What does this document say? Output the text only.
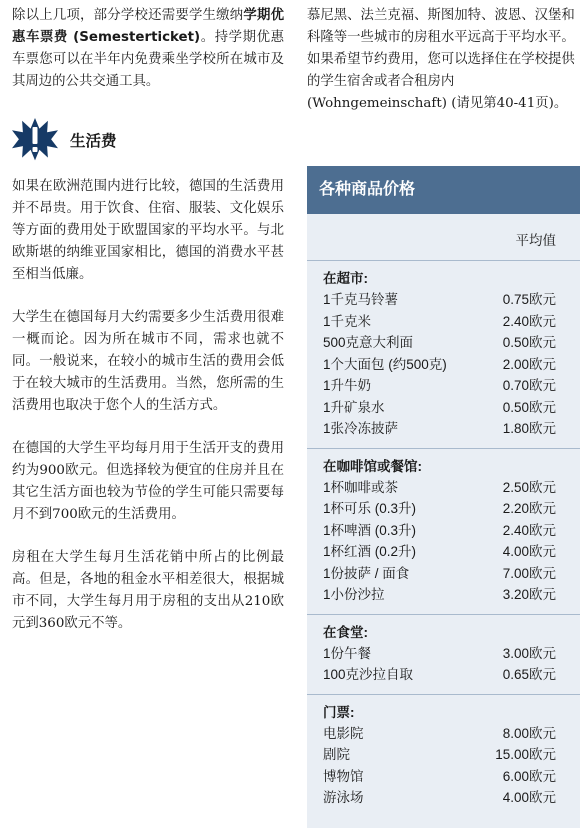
除以上几项，部分学校还需要学生缴纳学期优惠车票费 (Semesterticket)。持学期优惠车票您可以在半年内免费乘坐学校所在城市及其周边的公共交通工具。

生活费

如果在欧洲范围内进行比较，德国的生活费用并不昂贵。用于饮食、住宿、服装、文化娱乐等方面的费用处于欧盟国家的平均水平。与北欧斯堪的纳维亚国家相比，德国的消费水平甚至相当低廉。

大学生在德国每月大约需要多少生活费用很难一概而论。因为所在城市不同，需求也就不同。一般说来，在较小的城市生活的费用会低于在较大城市的生活费用。当然，您所需的生活费用也取决于您个人的生活方式。

在德国的大学生平均每月用于生活开支的费用约为900欧元。但选择较为便宜的住房并且在其它生活方面也较为节俭的学生可能只需要每月不到700欧元的生活费用。

房租在大学生每月生活花销中所占的比例最高。但是，各地的租金水平相差很大，根据城市不同，大学生每月用于房租的支出从210欧元到360欧元不等。

慕尼黑、法兰克福、斯图加特、波恩、汉堡和科隆等一些城市的房租水平远高于平均水平。

如果希望节约费用，您可以选择住在学校提供的学生宿舍或者合租房内 (Wohngemeinschaft) (请见第40-41页)。

各种商品价格
平均值
在超市:
1千克马铃薯	0.75欧元
1千克米	2.40欧元
500克意大利面	0.50欧元
1个大面包 (约500克)	2.00欧元
1升牛奶	0.70欧元
1升矿泉水	0.50欧元
1张冷冻披萨	1.80欧元
在咖啡馆或餐馆:
1杯咖啡或茶	2.50欧元
1杯可乐 (0.3升)	2.20欧元
1杯啤酒 (0.3升)	2.40欧元
1杯红酒 (0.2升)	4.00欧元
1份披萨 / 面食	7.00欧元
1小份沙拉	3.20欧元
在食堂:
1份午餐	3.00欧元
100克沙拉自取	0.65欧元
门票:
电影院	8.00欧元
剧院	15.00欧元
博物馆	6.00欧元
游泳场	4.00欧元
